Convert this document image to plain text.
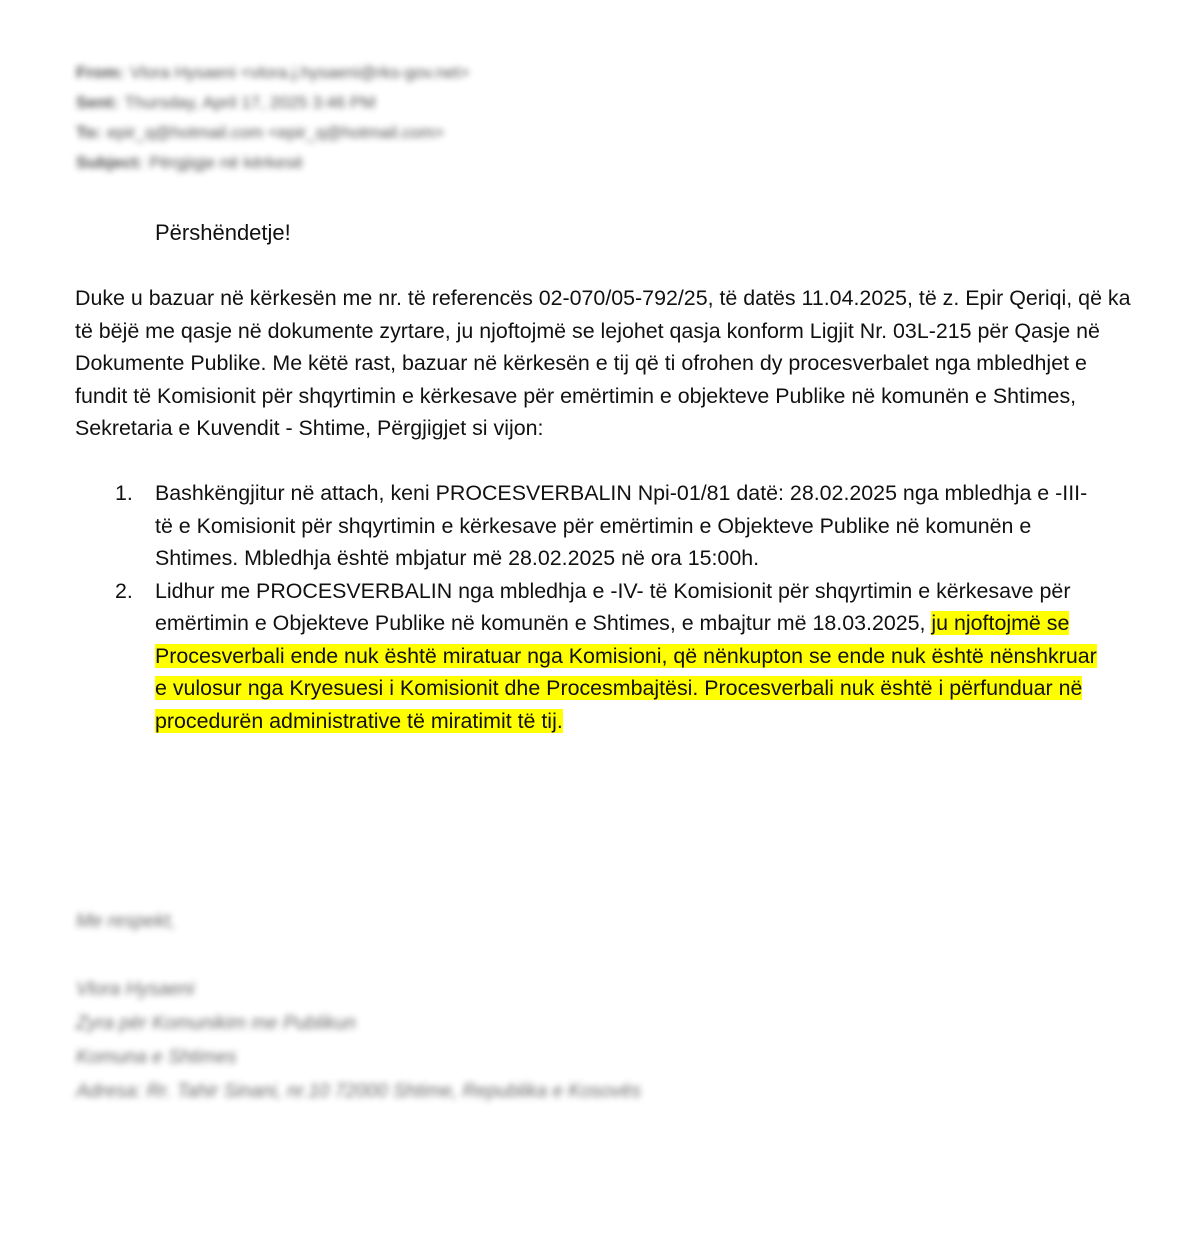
From: Vlora Hysaeni <vlora.j.hysaeni@rks-gov.net>
Sent: Thursday, April 17, 2025 3:46 PM
To: epir_q@hotmail.com <epir_q@hotmail.com>
Subject: Përgjigje në kërkesë
Përshëndetje!
Duke u bazuar në kërkesën me nr. të referencës 02-070/05-792/25, të datës 11.04.2025, të z. Epir Qeriqi, që ka të bëjë me qasje në dokumente zyrtare, ju njoftojmë se lejohet qasja konform Ligjit Nr. 03L-215 për Qasje në Dokumente Publike. Me këtë rast, bazuar në kërkesën e tij që ti ofrohen dy procesverbalet nga mbledhjet e fundit të Komisionit për shqyrtimin e kërkesave për emërtimin e objekteve Publike në komunën e Shtimes, Sekretaria e Kuvendit - Shtime, Përgjigjet si vijon:
1.	Bashkëngjitur në attach, keni PROCESVERBALIN Npi-01/81 datë: 28.02.2025 nga mbledhja e -III- të e Komisionit për shqyrtimin e kërkesave për emërtimin e Objekteve Publike në komunën e Shtimes. Mbledhja është mbjatur më 28.02.2025 në ora 15:00h.
2.	Lidhur me PROCESVERBALIN nga mbledhja e -IV- të Komisionit për shqyrtimin e kërkesave për emërtimin e Objekteve Publike në komunën e Shtimes, e mbajtur më 18.03.2025, ju njoftojmë se Procesverbali ende nuk është miratuar nga Komisioni, që nënkupton se ende nuk është nënshkruar e vulosur nga Kryesuesi i Komisionit dhe Procesmbajtësi. Procesverbali nuk është i përfunduar në procedurën administrative të miratimit të tij.
Me respekt,
Vlora Hysaeni
Zyra për Komunikim me Publikun
Komuna e Shtimes
Adresa: Rr. Tahir Sinani, nr.10 72000 Shtime, Republika e Kosovës
